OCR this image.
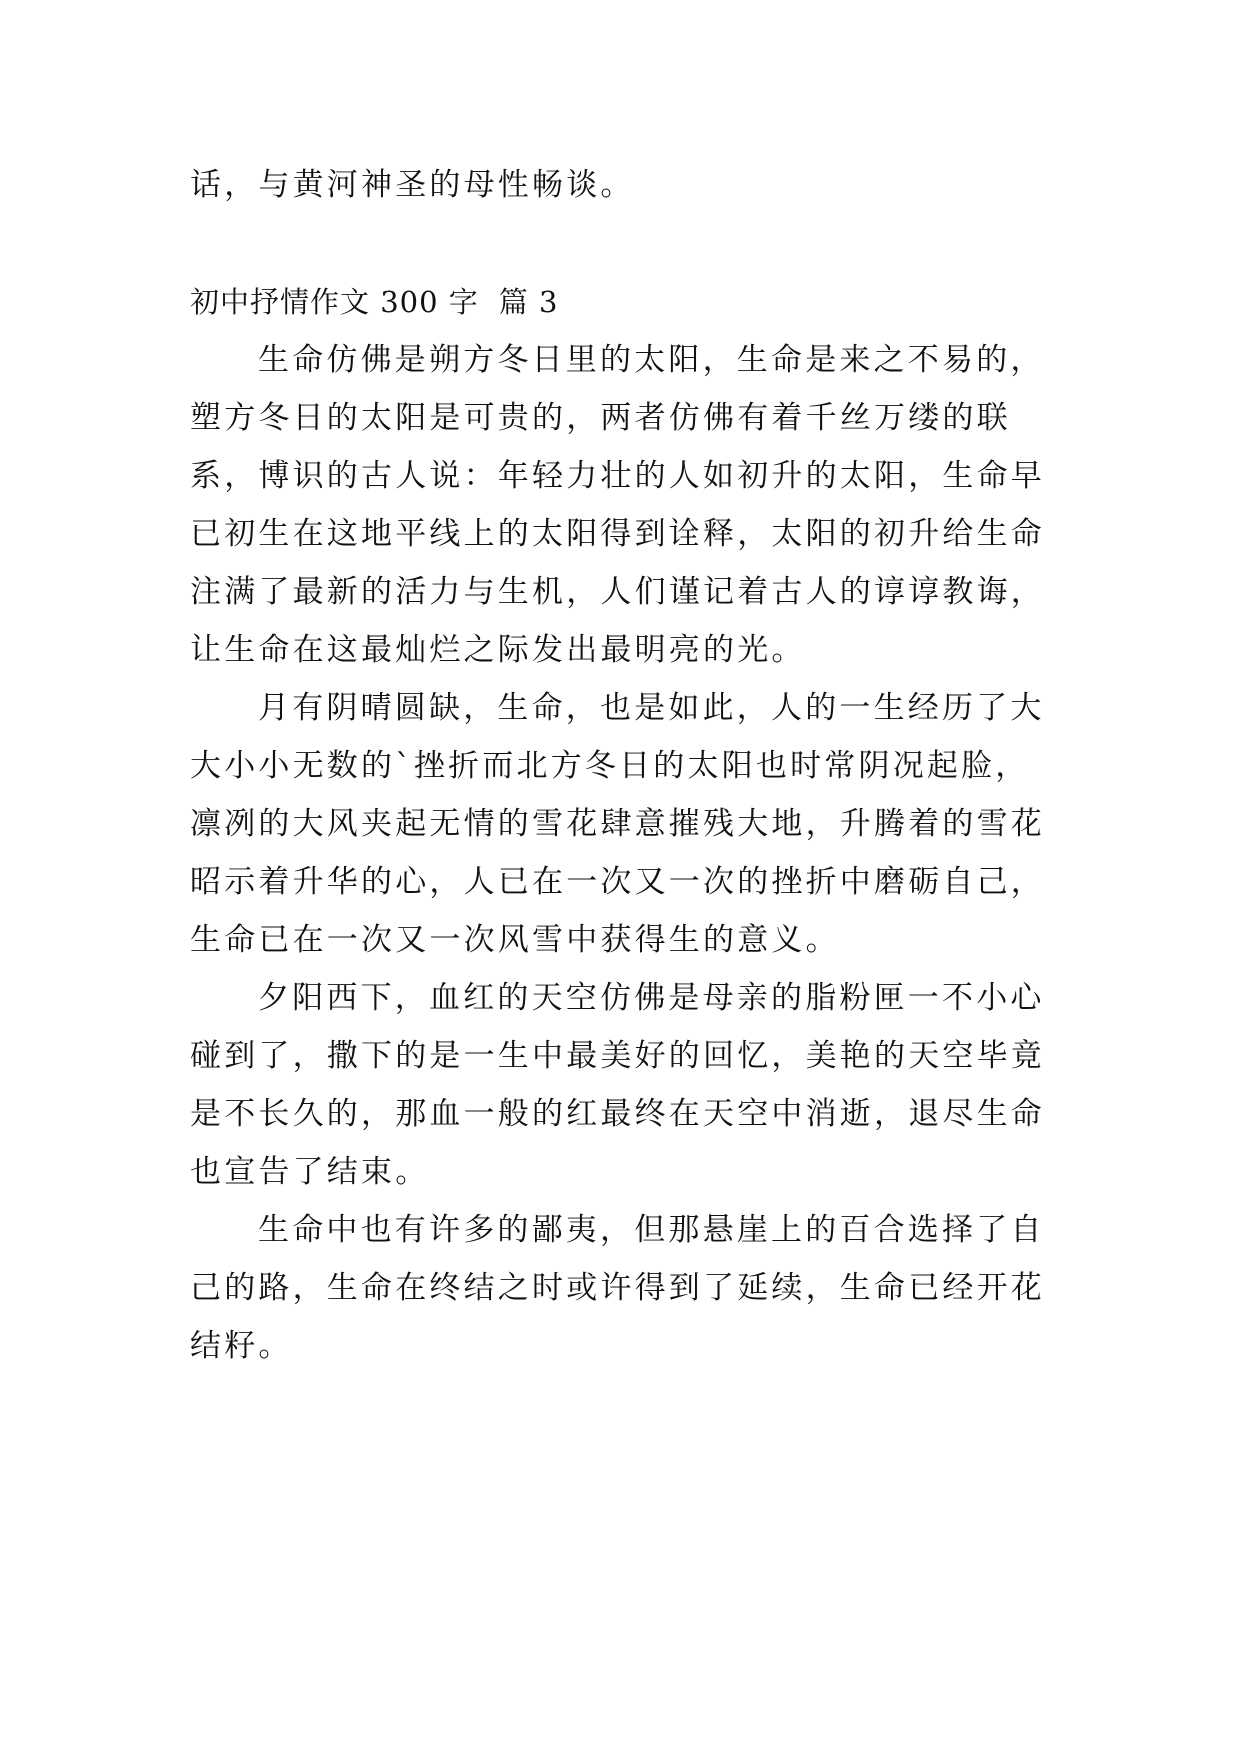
话，与黄河神圣的母性畅谈。
初中抒情作文 300 字 篇 3

生命仿佛是朔方冬日里的太阳，生命是来之不易的，塑方冬日的太阳是可贵的，两者仿佛有着千丝万缕的联系，博识的古人说：年轻力壮的人如初升的太阳，生命早已初生在这地平线上的太阳得到诠释，太阳的初升给生命注满了最新的活力与生机，人们谨记着古人的谆谆教诲，让生命在这最灿烂之际发出最明亮的光。

月有阴晴圆缺，生命，也是如此，人的一生经历了大大小小无数的`挫折而北方冬日的太阳也时常阴况起脸，凛冽的大风夹起无情的雪花肆意摧残大地，升腾着的雪花昭示着升华的心，人已在一次又一次的挫折中磨砺自己，生命已在一次又一次风雪中获得生的意义。

夕阳西下，血红的天空仿佛是母亲的脂粉匣一不小心碰到了，撒下的是一生中最美好的回忆，美艳的天空毕竟是不长久的，那血一般的红最终在天空中消逝，退尽生命也宣告了结束。

生命中也有许多的鄙夷，但那悬崖上的百合选择了自己的路，生命在终结之时或许得到了延续，生命已经开花结籽。
